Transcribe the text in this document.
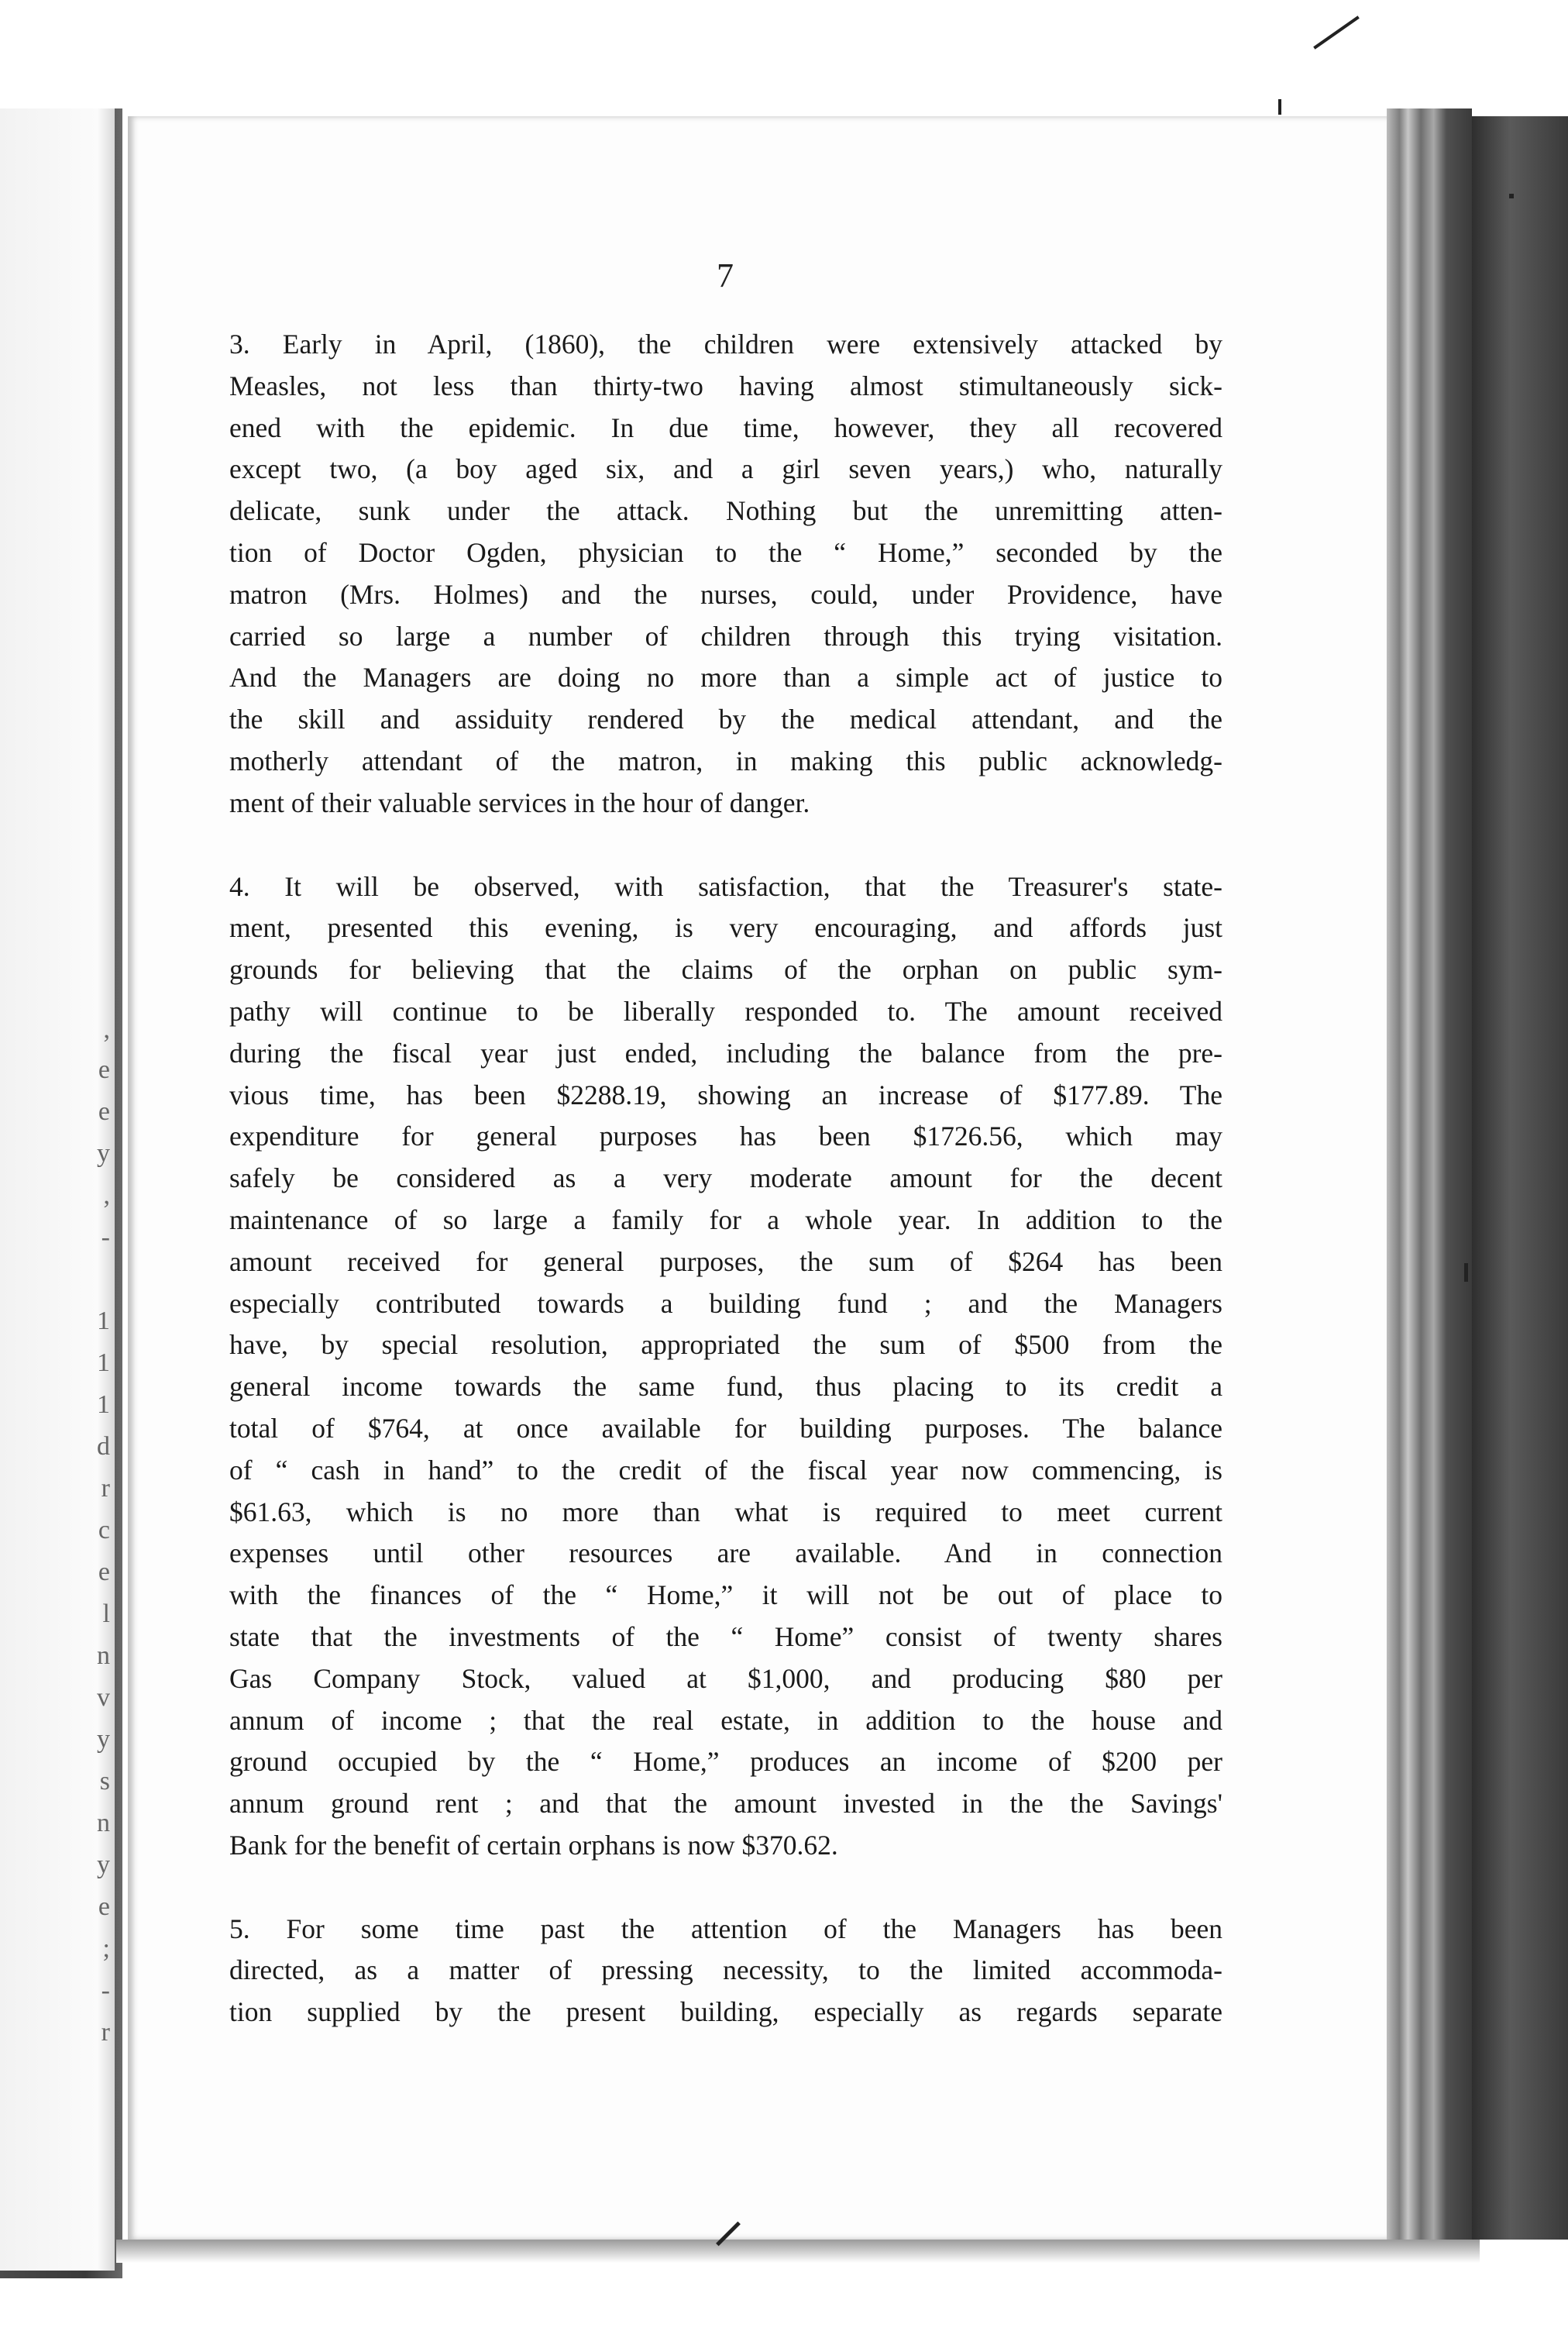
,
e
e
y
,
-
1
1
1
d
r
c
e
l
n
v
y
s
n
y
e
;
-
r
7
3. Early in April, (1860), the children were extensively attacked by
Measles, not less than thirty-two having almost stimultaneously sick-
ened with the epidemic. In due time, however, they all recovered
except two, (a boy aged six, and a girl seven years,) who, naturally
delicate, sunk under the attack. Nothing but the unremitting atten-
tion of Doctor Ogden, physician to the “ Home,” seconded by the
matron (Mrs. Holmes) and the nurses, could, under Providence, have
carried so large a number of children through this trying visitation.
And the Managers are doing no more than a simple act of justice to
the skill and assiduity rendered by the medical attendant, and the
motherly attendant of the matron, in making this public acknowledg-
ment of their valuable services in the hour of danger.
4. It will be observed, with satisfaction, that the Treasurer's state-
ment, presented this evening, is very encouraging, and affords just
grounds for believing that the claims of the orphan on public sym-
pathy will continue to be liberally responded to. The amount received
during the fiscal year just ended, including the balance from the pre-
vious time, has been $2288.19, showing an increase of $177.89. The
expenditure for general purposes has been $1726.56, which may
safely be considered as a very moderate amount for the decent
maintenance of so large a family for a whole year. In addition to the
amount received for general purposes, the sum of $264 has been
especially contributed towards a building fund ; and the Managers
have, by special resolution, appropriated the sum of $500 from the
general income towards the same fund, thus placing to its credit a
total of $764, at once available for building purposes. The balance
of “ cash in hand” to the credit of the fiscal year now commencing, is
$61.63, which is no more than what is required to meet current
expenses until other resources are available. And in connection
with the finances of the “ Home,” it will not be out of place to
state that the investments of the “ Home” consist of twenty shares
Gas Company Stock, valued at $1,000, and producing $80 per
annum of income ; that the real estate, in addition to the house and
ground occupied by the “ Home,” produces an income of $200 per
annum ground rent ; and that the amount invested in the the Savings'
Bank for the benefit of certain orphans is now $370.62.
5. For some time past the attention of the Managers has been
directed, as a matter of pressing necessity, to the limited accommoda-
tion supplied by the present building, especially as regards separate
